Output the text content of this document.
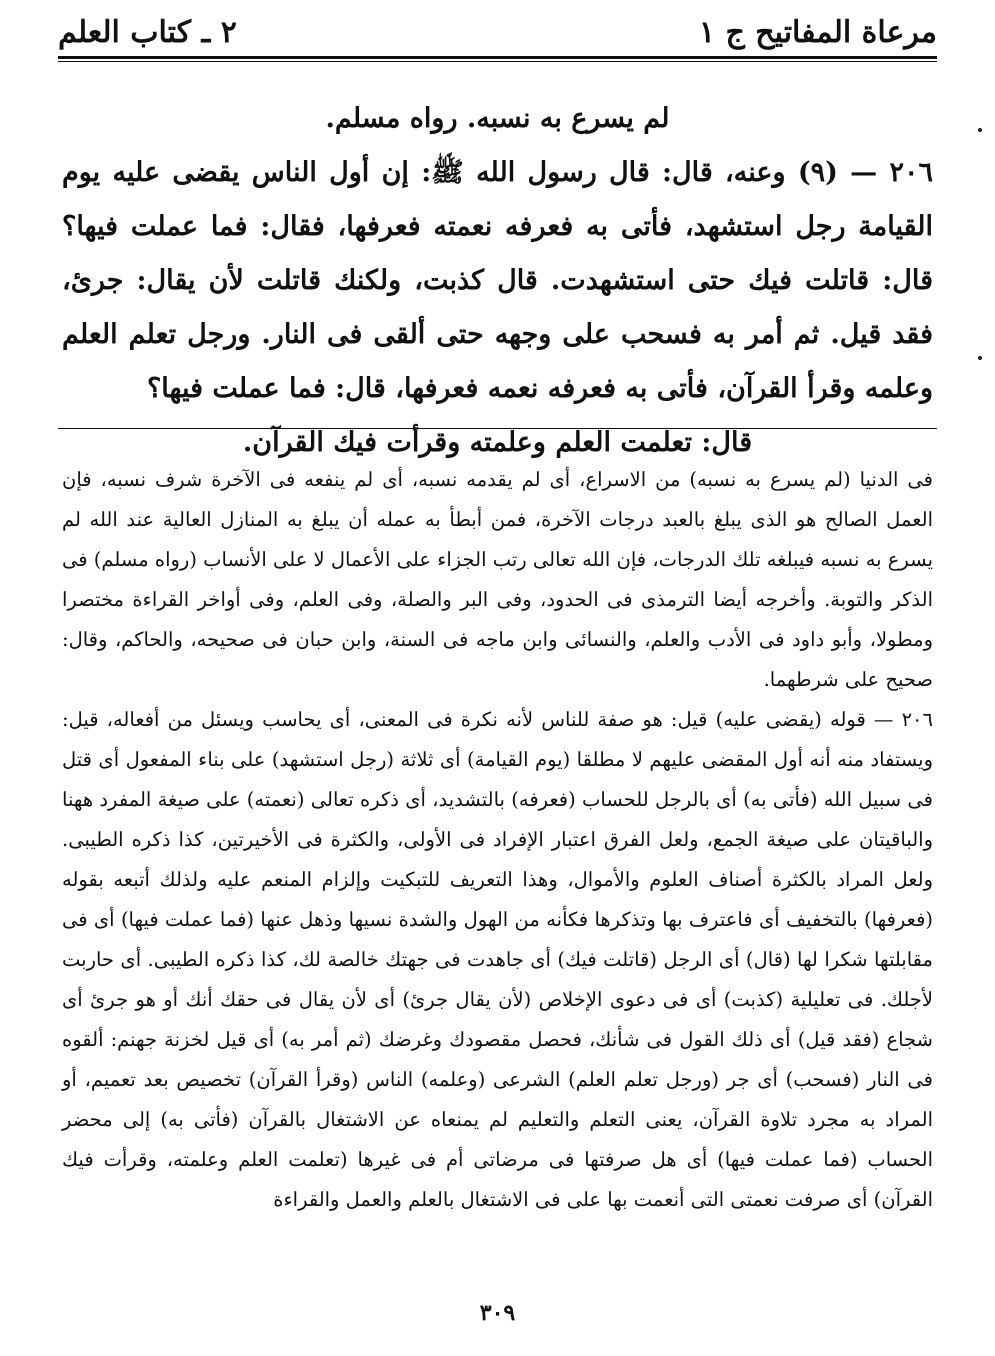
مرعاة المفاتيح ج ١
٢ ـ كتاب العلم

لم يسرع به نسبه. رواه مسلم.

٢٠٦ — (٩) وعنه، قال: قال رسول الله ﷺ: إن أول الناس يقضى عليه يوم القيامة رجل استشهد، فأتى به فعرفه نعمته فعرفها، فقال: فما عملت فيها؟ قال: قاتلت فيك حتى استشهدت. قال كذبت، ولكنك قاتلت لأن يقال: جرئ، فقد قيل. ثم أمر به فسحب على وجهه حتى ألقى فى النار. ورجل تعلم العلم وعلمه وقرأ القرآن، فأتى به فعرفه نعمه فعرفها، قال: فما عملت فيها؟

قال: تعلمت العلم وعلمته وقرأت فيك القرآن.

فى الدنيا (لم يسرع به نسبه) من الاسراع، أى لم يقدمه نسبه، أى لم ينفعه فى الآخرة شرف نسبه، فإن العمل الصالح هو الذى يبلغ بالعبد درجات الآخرة، فمن أبطأ به عمله أن يبلغ به المنازل العالية عند الله لم يسرع به نسبه فيبلغه تلك الدرجات، فإن الله تعالى رتب الجزاء على الأعمال لا على الأنساب (رواه مسلم) فى الذكر والتوبة. وأخرجه أيضا الترمذى فى الحدود، وفى البر والصلة، وفى العلم، وفى أواخر القراءة مختصرا ومطولا، وأبو داود فى الأدب والعلم، والنسائى وابن ماجه فى السنة، وابن حبان فى صحيحه، والحاكم، وقال: صحيح على شرطهما.

٢٠٦ — قوله (يقضى عليه) قيل: هو صفة للناس لأنه نكرة فى المعنى، أى يحاسب ويسئل من أفعاله، قيل: ويستفاد منه أنه أول المقضى عليهم لا مطلقا (يوم القيامة) أى ثلاثة (رجل استشهد) على بناء المفعول أى قتل فى سبيل الله (فأتى به) أى بالرجل للحساب (فعرفه) بالتشديد، أى ذكره تعالى (نعمته) على صيغة المفرد ههنا والباقيتان على صيغة الجمع، ولعل الفرق اعتبار الإفراد فى الأولى، والكثرة فى الأخيرتين، كذا ذكره الطيبى. ولعل المراد بالكثرة أصناف العلوم والأموال، وهذا التعريف للتبكيت وإلزام المنعم عليه ولذلك أتبعه بقوله (فعرفها) بالتخفيف أى فاعترف بها وتذكرها فكأنه من الهول والشدة نسيها وذهل عنها (فما عملت فيها) أى فى مقابلتها شكرا لها (قال) أى الرجل (قاتلت فيك) أى جاهدت فى جهتك خالصة لك، كذا ذكره الطيبى. أى حاربت لأجلك. فى تعليلية (كذبت) أى فى دعوى الإخلاص (لأن يقال جرئ) أى لأن يقال فى حقك أنك أو هو جرئ أى شجاع (فقد قيل) أى ذلك القول فى شأنك، فحصل مقصودك وغرضك (ثم أمر به) أى قيل لخزنة جهنم: ألقوه فى النار (فسحب) أى جر (ورجل تعلم العلم) الشرعى (وعلمه) الناس (وقرأ القرآن) تخصيص بعد تعميم، أو المراد به مجرد تلاوة القرآن، يعنى التعلم والتعليم لم يمنعاه عن الاشتغال بالقرآن (فأتى به) إلى محضر الحساب (فما عملت فيها) أى هل صرفتها فى مرضاتى أم فى غيرها (تعلمت العلم وعلمته، وقرأت فيك القرآن) أى صرفت نعمتى التى أنعمت بها على فى الاشتغال بالعلم والعمل والقراءة

٣٠٩
